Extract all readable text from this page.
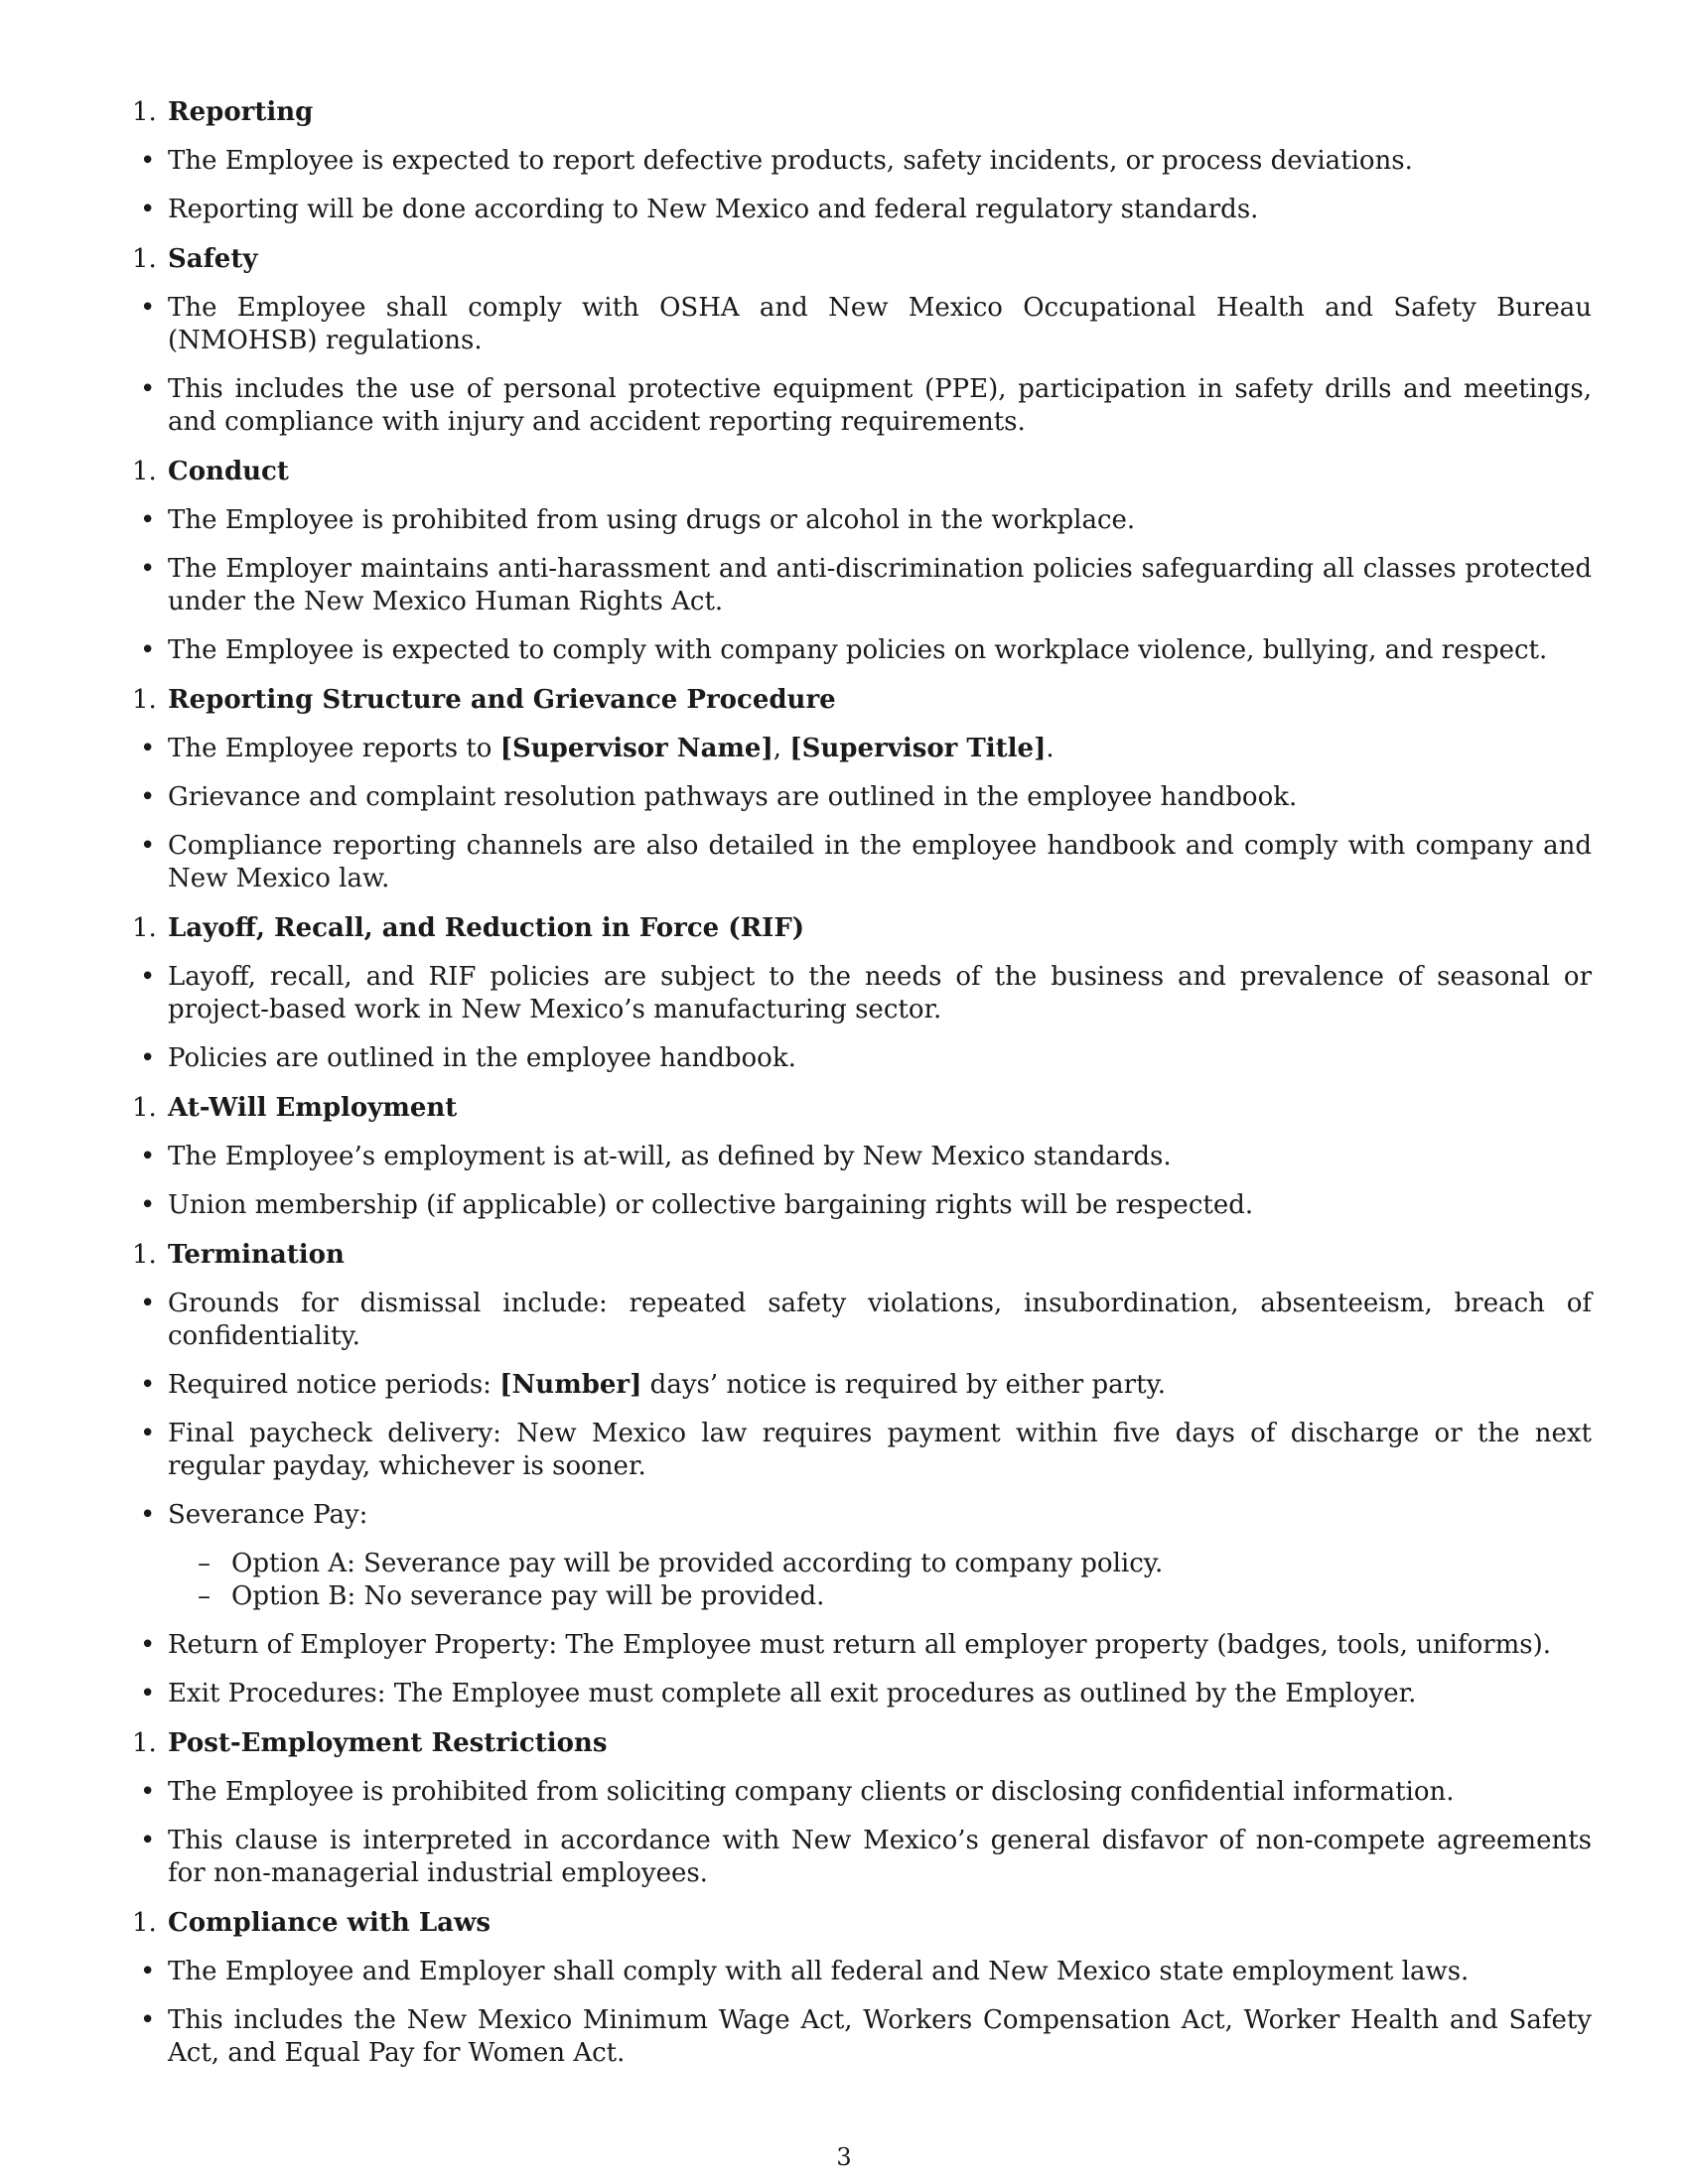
1. Reporting
• The Employee is expected to report defective products, safety incidents, or process deviations.
• Reporting will be done according to New Mexico and federal regulatory standards.
1. Safety
• The Employee shall comply with OSHA and New Mexico Occupational Health and Safety Bureau (NMOHSB) regulations.
• This includes the use of personal protective equipment (PPE), participation in safety drills and meetings, and compliance with injury and accident reporting requirements.
1. Conduct
• The Employee is prohibited from using drugs or alcohol in the workplace.
• The Employer maintains anti-harassment and anti-discrimination policies safeguarding all classes protected under the New Mexico Human Rights Act.
• The Employee is expected to comply with company policies on workplace violence, bullying, and respect.
1. Reporting Structure and Grievance Procedure
• The Employee reports to [Supervisor Name], [Supervisor Title].
• Grievance and complaint resolution pathways are outlined in the employee handbook.
• Compliance reporting channels are also detailed in the employee handbook and comply with company and New Mexico law.
1. Layoff, Recall, and Reduction in Force (RIF)
• Layoff, recall, and RIF policies are subject to the needs of the business and prevalence of seasonal or project-based work in New Mexico’s manufacturing sector.
• Policies are outlined in the employee handbook.
1. At-Will Employment
• The Employee’s employment is at-will, as defined by New Mexico standards.
• Union membership (if applicable) or collective bargaining rights will be respected.
1. Termination
• Grounds for dismissal include: repeated safety violations, insubordination, absenteeism, breach of confidentiality.
• Required notice periods: [Number] days’ notice is required by either party.
• Final paycheck delivery: New Mexico law requires payment within five days of discharge or the next regular payday, whichever is sooner.
• Severance Pay:
– Option A: Severance pay will be provided according to company policy.
– Option B: No severance pay will be provided.
• Return of Employer Property: The Employee must return all employer property (badges, tools, uniforms).
• Exit Procedures: The Employee must complete all exit procedures as outlined by the Employer.
1. Post-Employment Restrictions
• The Employee is prohibited from soliciting company clients or disclosing confidential information.
• This clause is interpreted in accordance with New Mexico’s general disfavor of non-compete agreements for non-managerial industrial employees.
1. Compliance with Laws
• The Employee and Employer shall comply with all federal and New Mexico state employment laws.
• This includes the New Mexico Minimum Wage Act, Workers Compensation Act, Worker Health and Safety Act, and Equal Pay for Women Act.
3
